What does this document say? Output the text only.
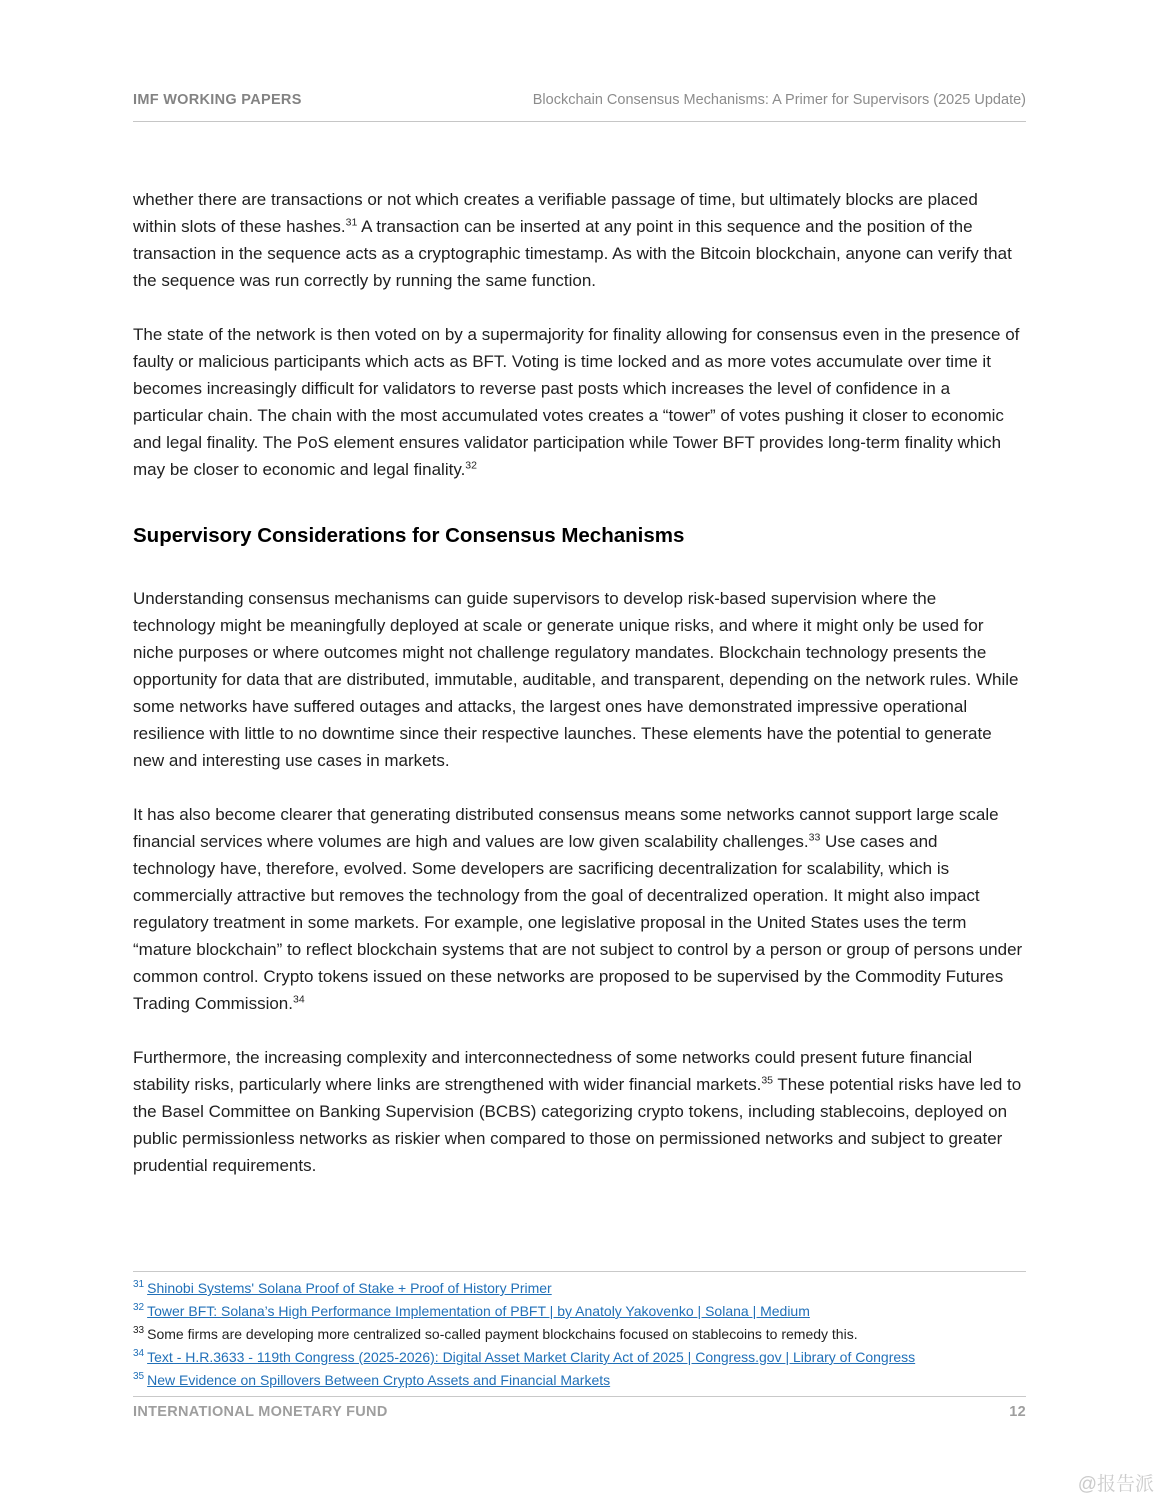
IMF WORKING PAPERS	Blockchain Consensus Mechanisms: A Primer for Supervisors (2025 Update)

whether there are transactions or not which creates a verifiable passage of time, but ultimately blocks are placed within slots of these hashes.$^{31}$ A transaction can be inserted at any point in this sequence and the position of the transaction in the sequence acts as a cryptographic timestamp. As with the Bitcoin blockchain, anyone can verify that the sequence was run correctly by running the same function.

The state of the network is then voted on by a supermajority for finality allowing for consensus even in the presence of faulty or malicious participants which acts as BFT. Voting is time locked and as more votes accumulate over time it becomes increasingly difficult for validators to reverse past posts which increases the level of confidence in a particular chain. The chain with the most accumulated votes creates a “tower” of votes pushing it closer to economic and legal finality. The PoS element ensures validator participation while Tower BFT provides long-term finality which may be closer to economic and legal finality.$^{32}$

Supervisory Considerations for Consensus Mechanisms

Understanding consensus mechanisms can guide supervisors to develop risk-based supervision where the technology might be meaningfully deployed at scale or generate unique risks, and where it might only be used for niche purposes or where outcomes might not challenge regulatory mandates. Blockchain technology presents the opportunity for data that are distributed, immutable, auditable, and transparent, depending on the network rules. While some networks have suffered outages and attacks, the largest ones have demonstrated impressive operational resilience with little to no downtime since their respective launches. These elements have the potential to generate new and interesting use cases in markets.

It has also become clearer that generating distributed consensus means some networks cannot support large scale financial services where volumes are high and values are low given scalability challenges.$^{33}$ Use cases and technology have, therefore, evolved. Some developers are sacrificing decentralization for scalability, which is commercially attractive but removes the technology from the goal of decentralized operation. It might also impact regulatory treatment in some markets. For example, one legislative proposal in the United States uses the term “mature blockchain” to reflect blockchain systems that are not subject to control by a person or group of persons under common control. Crypto tokens issued on these networks are proposed to be supervised by the Commodity Futures Trading Commission.$^{34}$

Furthermore, the increasing complexity and interconnectedness of some networks could present future financial stability risks, particularly where links are strengthened with wider financial markets.$^{35}$ These potential risks have led to the Basel Committee on Banking Supervision (BCBS) categorizing crypto tokens, including stablecoins, deployed on public permissionless networks as riskier when compared to those on permissioned networks and subject to greater prudential requirements.

$^{31}$ Shinobi Systems' Solana Proof of Stake + Proof of History Primer
$^{32}$ Tower BFT: Solana’s High Performance Implementation of PBFT | by Anatoly Yakovenko | Solana | Medium
$^{33}$ Some firms are developing more centralized so-called payment blockchains focused on stablecoins to remedy this.
$^{34}$ Text - H.R.3633 - 119th Congress (2025-2026): Digital Asset Market Clarity Act of 2025 | Congress.gov | Library of Congress
$^{35}$ New Evidence on Spillovers Between Crypto Assets and Financial Markets
INTERNATIONAL MONETARY FUND	12
@报告派
